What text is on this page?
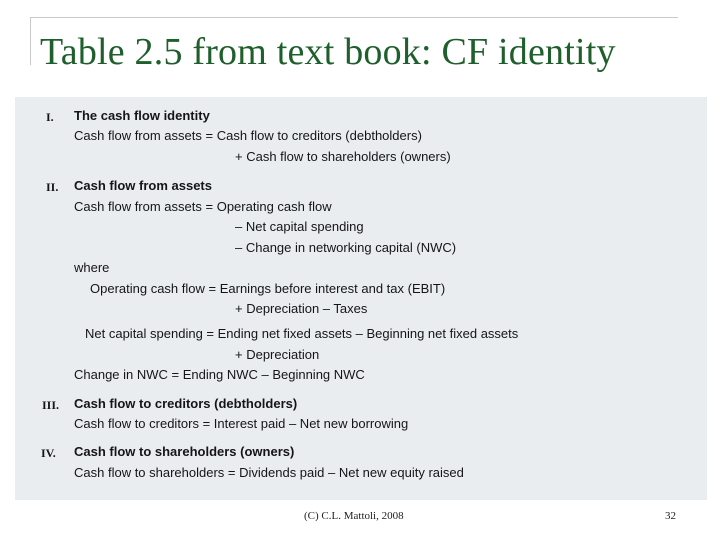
Table 2.5 from text book: CF identity
I. The cash flow identity
Cash flow from assets = Cash flow to creditors (debtholders)
+ Cash flow to shareholders (owners)
II. Cash flow from assets
Cash flow from assets = Operating cash flow
– Net capital spending
– Change in networking capital (NWC)
where
Operating cash flow = Earnings before interest and tax (EBIT)
+ Depreciation – Taxes
Net capital spending = Ending net fixed assets – Beginning net fixed assets
+ Depreciation
Change in NWC = Ending NWC – Beginning NWC
III. Cash flow to creditors (debtholders)
Cash flow to creditors = Interest paid – Net new borrowing
IV. Cash flow to shareholders (owners)
Cash flow to shareholders = Dividends paid – Net new equity raised
(C) C.L. Mattoli, 2008	32
